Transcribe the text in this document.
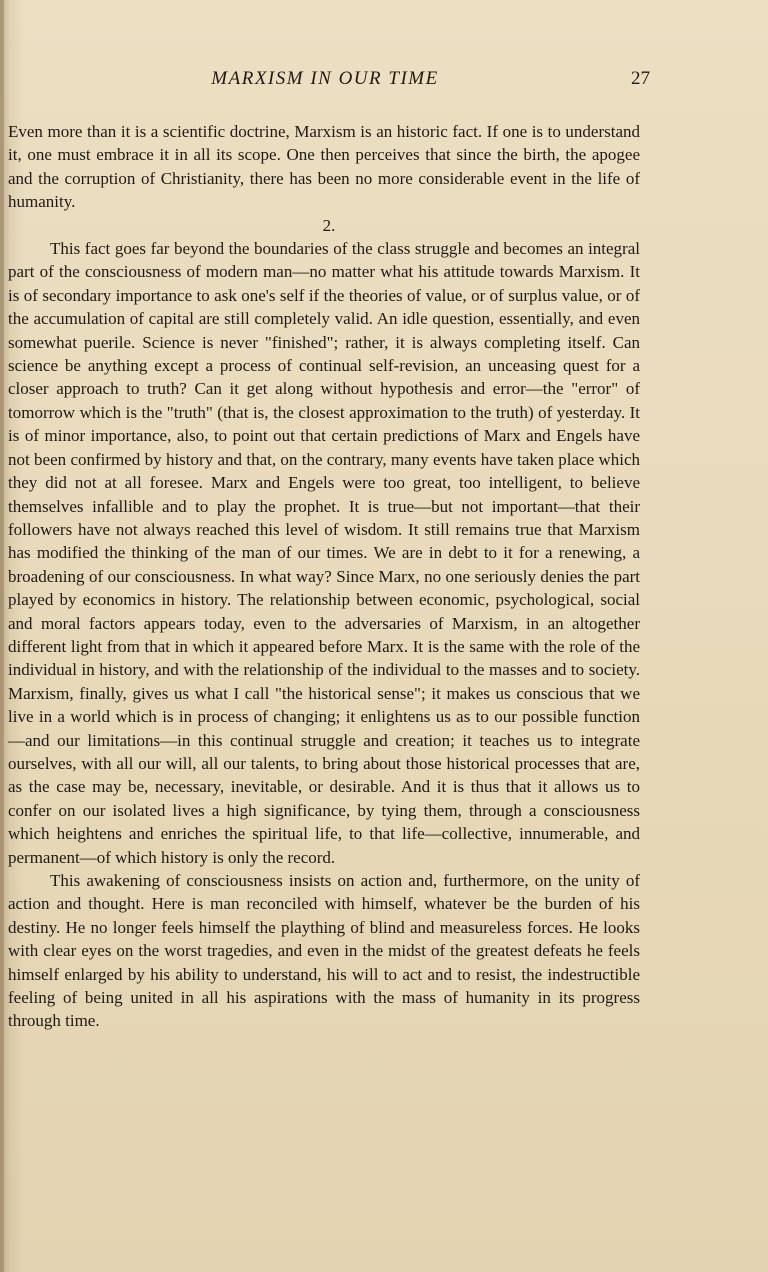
MARXISM IN OUR TIME	27

Even more than it is a scientific doctrine, Marxism is an historic fact. If one is to understand it, one must embrace it in all its scope. One then perceives that since the birth, the apogee and the corruption of Christianity, there has been no more considerable event in the life of humanity.

2.

This fact goes far beyond the boundaries of the class struggle and becomes an integral part of the consciousness of modern man—no matter what his attitude towards Marxism. It is of secondary importance to ask one's self if the theories of value, or of surplus value, or of the accumulation of capital are still completely valid. An idle question, essentially, and even somewhat puerile. Science is never "finished"; rather, it is always completing itself. Can science be anything except a process of continual self-revision, an unceasing quest for a closer approach to truth? Can it get along without hypothesis and error—the "error" of tomorrow which is the "truth" (that is, the closest approximation to the truth) of yesterday. It is of minor importance, also, to point out that certain predictions of Marx and Engels have not been confirmed by history and that, on the contrary, many events have taken place which they did not at all foresee. Marx and Engels were too great, too intelligent, to believe themselves infallible and to play the prophet. It is true—but not important—that their followers have not always reached this level of wisdom. It still remains true that Marxism has modified the thinking of the man of our times. We are in debt to it for a renewing, a broadening of our consciousness. In what way? Since Marx, no one seriously denies the part played by economics in history. The relationship between economic, psychological, social and moral factors appears today, even to the adversaries of Marxism, in an altogether different light from that in which it appeared before Marx. It is the same with the role of the individual in history, and with the relationship of the individual to the masses and to society. Marxism, finally, gives us what I call "the historical sense"; it makes us conscious that we live in a world which is in process of changing; it enlightens us as to our possible function —and our limitations—in this continual struggle and creation; it teaches us to integrate ourselves, with all our will, all our talents, to bring about those historical processes that are, as the case may be, necessary, inevitable, or desirable. And it is thus that it allows us to confer on our isolated lives a high significance, by tying them, through a consciousness which heightens and enriches the spiritual life, to that life—collective, innumerable, and permanent—of which history is only the record.

This awakening of consciousness insists on action and, furthermore, on the unity of action and thought. Here is man reconciled with himself, whatever be the burden of his destiny. He no longer feels himself the plaything of blind and measureless forces. He looks with clear eyes on the worst tragedies, and even in the midst of the greatest defeats he feels himself enlarged by his ability to understand, his will to act and to resist, the indestructible feeling of being united in all his aspirations with the mass of humanity in its progress through time.
